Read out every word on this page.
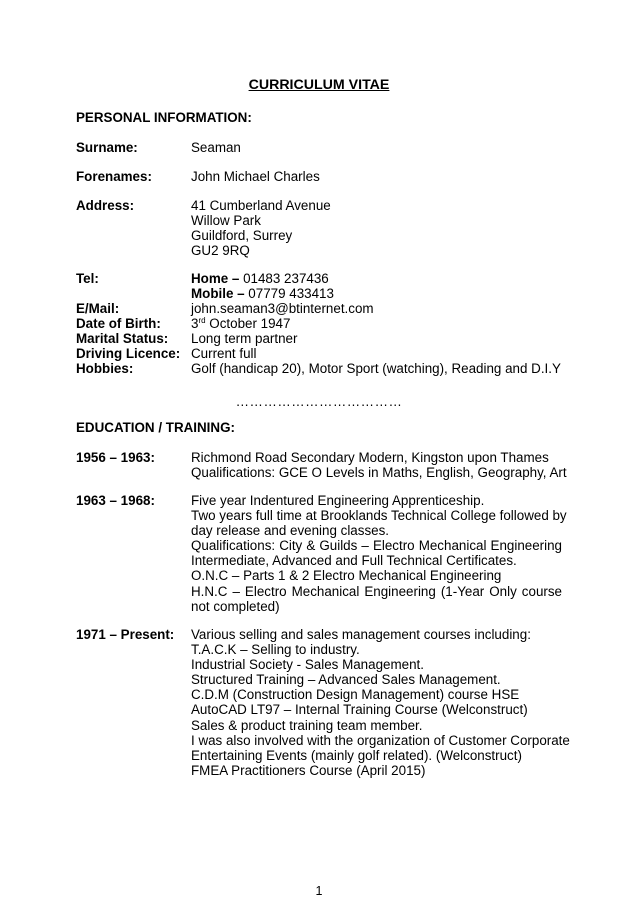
CURRICULUM VITAE
PERSONAL INFORMATION:
Surname:	Seaman
Forenames:	John Michael Charles
Address:	41 Cumberland Avenue
Willow Park
Guildford, Surrey
GU2 9RQ
Tel:	Home – 01483 237436
Mobile – 07779 433413
E/Mail:	john.seaman3@btinternet.com
Date of Birth: 3rd October 1947
Marital Status: Long term partner
Driving Licence: Current full
Hobbies:	Golf (handicap 20), Motor Sport (watching), Reading and D.I.Y
………………………………
EDUCATION / TRAINING:
1956 – 1963:	Richmond Road Secondary Modern, Kingston upon Thames
Qualifications: GCE O Levels in Maths, English, Geography, Art
1963 – 1968:	Five year Indentured Engineering Apprenticeship.
Two years full time at Brooklands Technical College followed by
day release and evening classes.
Qualifications: City & Guilds – Electro Mechanical Engineering
Intermediate, Advanced and Full Technical Certificates.
O.N.C – Parts 1 & 2 Electro Mechanical Engineering
H.N.C – Electro Mechanical Engineering (1-Year Only course
not completed)
1971 – Present: Various selling and sales management courses including:
T.A.C.K – Selling to industry.
Industrial Society - Sales Management.
Structured Training – Advanced Sales Management.
C.D.M (Construction Design Management) course HSE
AutoCAD LT97 – Internal Training Course (Welconstruct)
Sales & product training team member.
I was also involved with the organization of Customer Corporate
Entertaining Events (mainly golf related). (Welconstruct)
FMEA Practitioners Course (April 2015)
1
